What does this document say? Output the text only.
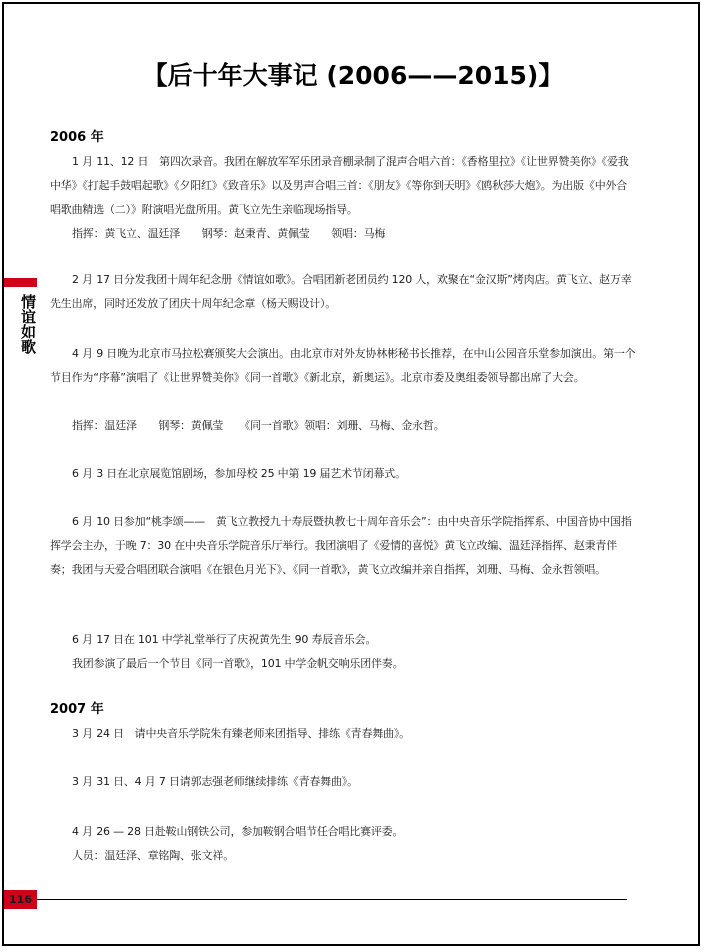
【后十年大事记 (2006——2015)】
情谊如歌
2006 年
1 月 11、12 日　第四次录音。我团在解放军军乐团录音棚录制了混声合唱六首：《香格里拉》《让世界赞美你》《爱我中华》《打起手鼓唱起歌》《夕阳红》《致音乐》以及男声合唱三首：《朋友》《等你到天明》《鸥秋莎大炮》。为出版《中外合唱歌曲精选（二）》附演唱光盘所用。黄飞立先生亲临现场指导。
指挥：黄飞立、温廷泽　　钢琴：赵秉青、黄佩莹　　领唱：马梅
2 月 17 日分发我团十周年纪念册《情谊如歌》。合唱团新老团员约 120 人，欢聚在“金汉斯”烤肉店。黄飞立、赵万幸先生出席，同时还发放了团庆十周年纪念章（杨天赐设计）。
4 月 9 日晚为北京市马拉松赛颁奖大会演出。由北京市对外友协林彬秘书长推荐，在中山公园音乐堂参加演出。第一个节目作为“序幕”演唱了《让世界赞美你》《同一首歌》《新北京，新奥运》。北京市委及奥组委领导都出席了大会。
指挥：温廷泽　　钢琴：黄佩莹　　《同一首歌》领唱：刘珊、马梅、金永哲。
6 月 3 日在北京展览馆剧场，参加母校 25 中第 19 届艺术节闭幕式。
6 月 10 日参加“桃李颂——　黄飞立教授九十寿辰暨执教七十周年音乐会”：由中央音乐学院指挥系、中国音协中国指挥学会主办，于晚 7：30 在中央音乐学院音乐厅举行。我团演唱了《爱情的喜悦》黄飞立改编、温廷泽指挥、赵秉青伴奏；我团与天爱合唱团联合演唱《在银色月光下》、《同一首歌》，黄飞立改编并亲自指挥，刘珊、马梅、金永哲领唱。
6 月 17 日在 101 中学礼堂举行了庆祝黄先生 90 寿辰音乐会。
我团参演了最后一个节目《同一首歌》，101 中学金帆交响乐团伴奏。
2007 年
3 月 24 日　请中央音乐学院朱有臻老师来团指导、排练《青春舞曲》。
3 月 31 日、4 月 7 日请郭志强老师继续排练《青春舞曲》。
4 月 26 — 28 日赴鞍山钢铁公司，参加鞍钢合唱节任合唱比赛评委。
人员：温廷泽、章铭陶、张文祥。
116
